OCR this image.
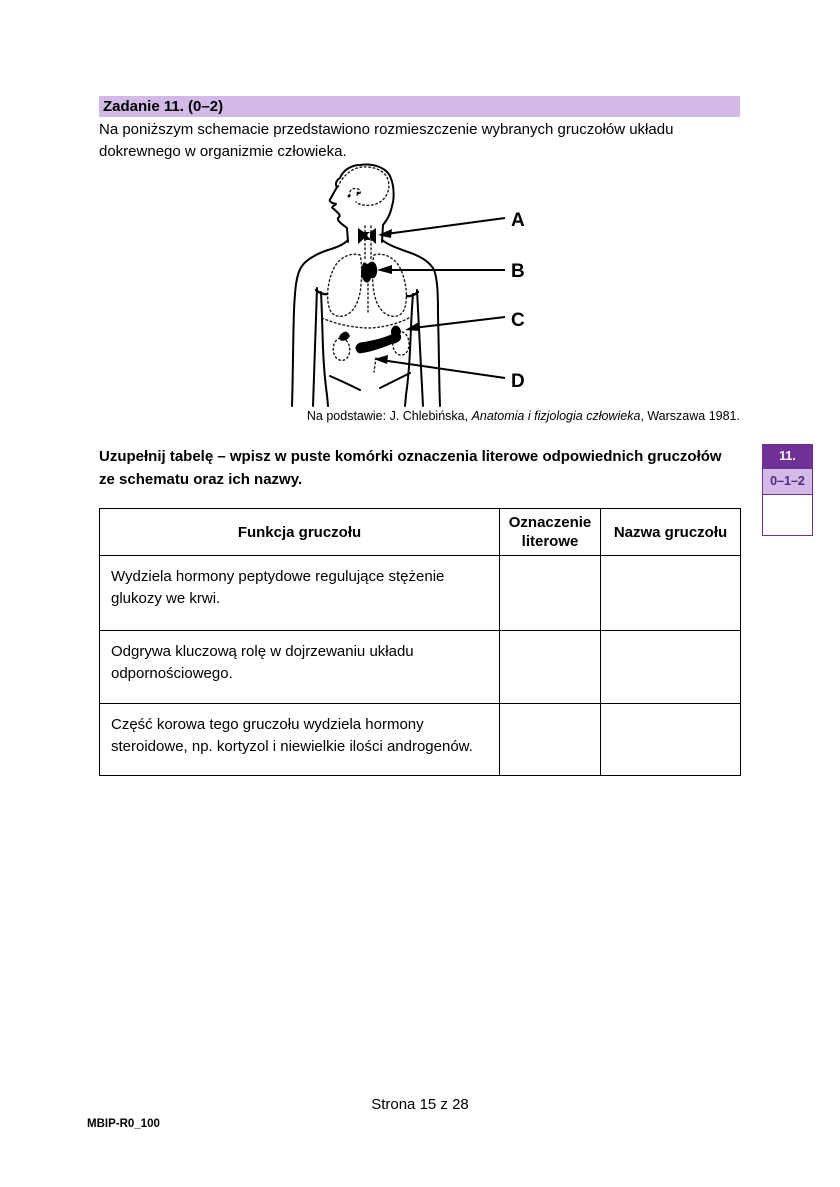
Zadanie 11. (0–2)
Na poniższym schemacie przedstawiono rozmieszczenie wybranych gruczołów układu dokrewnego w organizmie człowieka.
A
B
C
D
Na podstawie: J. Chlebińska, Anatomia i fizjologia człowieka, Warszawa 1981.
Uzupełnij tabelę – wpisz w puste komórki oznaczenia literowe odpowiednich gruczołów ze schematu oraz ich nazwy.
11.
0–1–2
Funkcja gruczołu	Oznaczenie literowe	Nazwa gruczołu
Wydziela hormony peptydowe regulujące stężenie glukozy we krwi.		
Odgrywa kluczową rolę w dojrzewaniu układu odpornościowego.		
Część korowa tego gruczołu wydziela hormony steroidowe, np. kortyzol i niewielkie ilości androgenów.		
Strona 15 z 28
MBIP-R0_100
